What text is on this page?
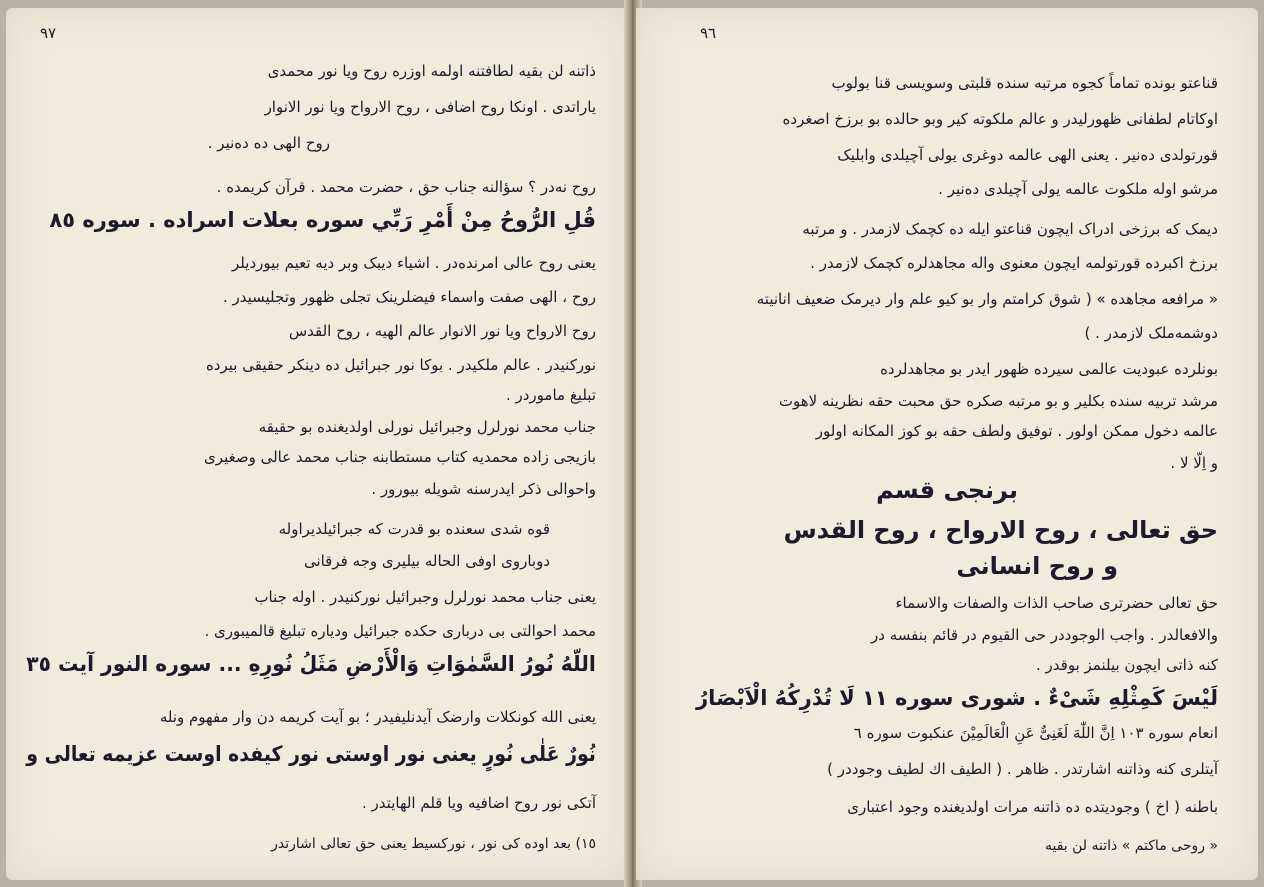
٩٧
ذاتنه لن بقیه لطافتنه اولمه اوزره روح ویا نور محمدی
یاراتدی . اونکا روح اضافی ، روح الارواح ویا نور الانوار
روح الهی ده دەنیر .
روح نەدر ؟ سؤالنه جناب حق ، حضرت محمد . قرآن کریمده .
قُلِ الرُّوحُ مِنْ أَمْرِ رَبِّي سوره بعلات اسراده . سوره ٨٥
یعنی روح عالی امرندەدر . اشیاء دیبک وبر دیه تعیم بیوردیلر
روح ، الهی صفت واسماء فیضلرینک تجلی ظهور وتجلیسیدر .
روح الارواح ویا نور الانوار عالم الهیه ، روح القدس
نورکنیدر . عالم ملکیدر . بوکا نور جبرائیل ده دینکر حقیقی بیرده
تبلیغ ماموردر .
جناب محمد نورلرل وجبرائیل نورلی اولدیغنده بو حقیقه
بازیجی زاده محمدیه کتاب مستطابنه جناب محمد عالی وصغیری
واحوالی ذکر ایدرسنه شویله بیورور .
قوه شدی سعنده بو قدرت که جبرائیلدیراوله
دوباروی اوفی الحاله بیلیری وجه فرقانی
یعنی جناب محمد نورلرل وجبرائیل نورکنیدر . اوله جناب
محمد احوالتی بی درباری حکده جبرائیل ودیاره تبلیغ قالمیبوری .
اللّهُ نُورُ السَّمٰوَاتِ وَالْأَرْضِ مَثَلُ نُورِهِ ... سوره النور آیت ٣٥
یعنی الله کونکلات وارضک آیدنلیفیدر ؛ بو آیت کریمه دن وار مفهوم ونله
نُورٌ عَلٰی نُورٍ یعنی نور اوستی نور کیفده اوست عزیمه تعالی و
آتکی نور روح اضافیه ویا قلم الهایتدر .
١٥) بعد اوده کی نور ، نورکسیط یعنی حق تعالی اشارتدر
٩٦
قناعتو بونده تماماً کجوه مرتبه سنده قلبتی وسویسی قنا بولوب
اوکاتام لطفانی ظهورلیدر و عالم ملکوته کیر وبو حالده بو برزخ اصغرده
قورتولدی دەنیر . یعنی الهی عالمه دوغری یولی آچیلدی وابلیک
مرشو اوله ملکوت عالمه یولی آچیلدی دەنیر .
دیمک که برزخی ادراک ایچون قناعتو ایله ده کچمک لازمدر . و مرتبه
برزخ اکبرده قورتولمه ایچون معنوی واله مجاهدلره کچمک لازمدر .
« مرافعه مجاهده » ( شوق کرامتم وار بو کیو علم وار دیرمک ضعیف انانیته
دوشمەملک لازمدر . )
بونلرده عبودیت عالمی سیرده ظهور ایدر بو مجاهدلرده
مرشد تربیه سنده بکلیر و بو مرتبه صکره حق محبت حقه نظرینه لاهوت
عالمه دخول ممکن اولور . توفیق ولطف حقه بو کوز المکانه اولور
و اِلّا لا .
برنجی قسم
حق تعالی ، روح الارواح ، روح القدس
و روح انسانی
حق تعالی حضرتری صاحب الذات والصفات والاسماء
والافعالدر . واجب الوجوددر حی القیوم در قائم بنفسه در
کنه ذاتی ایچون بیلنمز بوقدر .
لَیْسَ کَمِثْلِهِ شَیْءٌ . شوری سوره ۱۱ لَا تُدْرِکُهُ الْاَبْصَارُ
انعام سوره ١٠٣ اِنَّ اللّٰهَ لَغَنِیٌّ عَنِ الْعَالَمِیْنَ عنکبوت سوره ٦
آیتلری کنه وذاتنه اشارتدر . ظاهر . ( الطیف اك لطیف وجوددر )
باطنه ( اخ ) وجودیتده ده ذاتنه مرات اولدیغنده وجود اعتباری
« روحی ماکتم » ذاتنه لن بقیه
